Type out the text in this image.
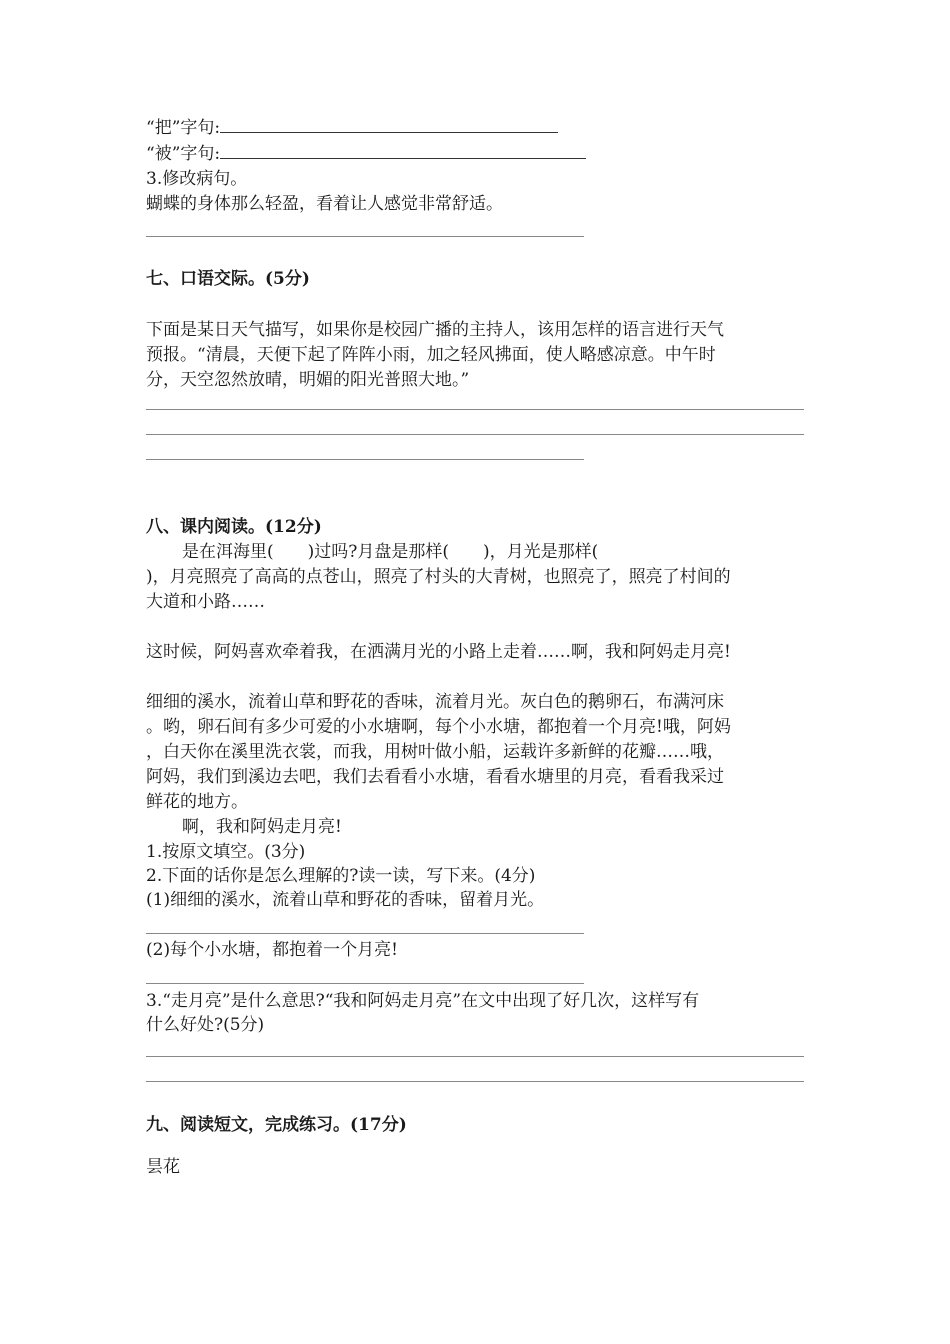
“把”字句:

“被”字句:

3.修改病句。

蝴蝶的身体那么轻盈，看着让人感觉非常舒适。

七、口语交际。(5分)

下面是某日天气描写，如果你是校园广播的主持人，该用怎样的语言进行天气

预报。“清晨，天便下起了阵阵小雨，加之轻风拂面，使人略感凉意。中午时

分，天空忽然放晴，明媚的阳光普照大地。”

八、课内阅读。(12分)

是在洱海里(　　)过吗?月盘是那样(　　)，月光是那样(

)，月亮照亮了高高的点苍山，照亮了村头的大青树，也照亮了，照亮了村间的

大道和小路……

这时候，阿妈喜欢牵着我，在洒满月光的小路上走着……啊，我和阿妈走月亮!

细细的溪水，流着山草和野花的香味，流着月光。灰白色的鹅卵石，布满河床

。哟，卵石间有多少可爱的小水塘啊，每个小水塘，都抱着一个月亮!哦，阿妈

，白天你在溪里洗衣裳，而我，用树叶做小船，运载许多新鲜的花瓣……哦，

阿妈，我们到溪边去吧，我们去看看小水塘，看看水塘里的月亮，看看我采过

鲜花的地方。

啊，我和阿妈走月亮!

1.按原文填空。(3分)

2.下面的话你是怎么理解的?读一读，写下来。(4分)

(1)细细的溪水，流着山草和野花的香味，留着月光。

(2)每个小水塘，都抱着一个月亮!

3.“走月亮”是什么意思?“我和阿妈走月亮”在文中出现了好几次，这样写有

什么好处?(5分)

九、阅读短文，完成练习。(17分)

昙花
